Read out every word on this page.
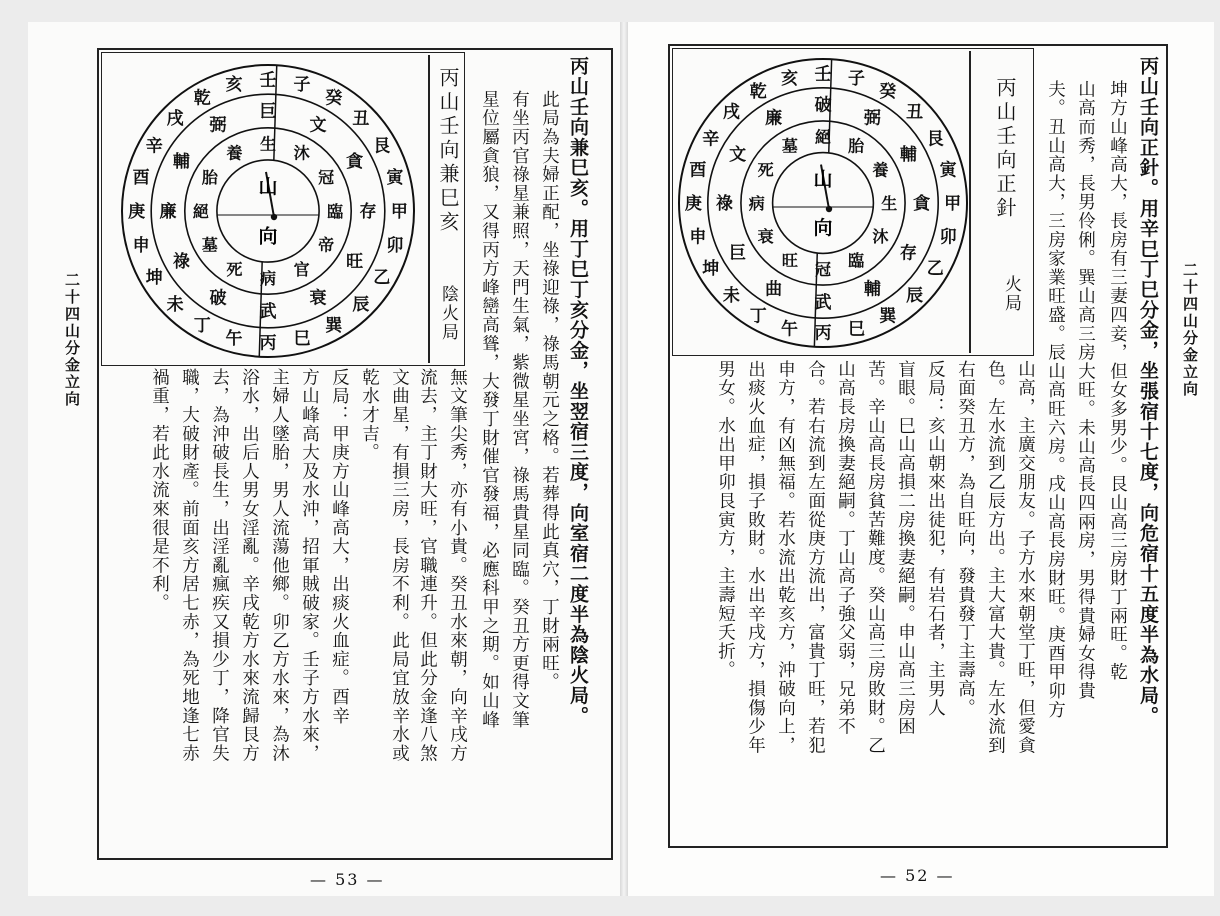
二十四山分金立向	丙
午
丁
未
坤
申
庚
酉
辛
戌
乾
亥 壬 子
癸
丑
艮
寅
甲
卯
乙
辰
巽
巳
武
破
祿
廉
輔
弼
巨
文
貪
存
旺
衰
病
死
墓
絕
胎
養 生 沐
冠
臨
帝
官
山
向
丙山壬向兼巳亥
陰火局	丙山壬向兼巳亥。用丁巳丁亥分金，坐翌宿三度，向室宿二度半為陰火局。
此局為夫婦正配，坐祿迎祿，祿馬朝元之格。若葬得此真穴，丁財兩旺。
有坐丙官祿星兼照，天門生氣，紫微星坐宮，祿馬貴星同臨。癸丑方更得文筆
星位屬貪狼，又得丙方峰巒高聳，大發丁財催官發福，必應科甲之期。如山峰
無文筆尖秀，亦有小貴。癸丑水來朝，向辛戌方
流去，主丁財大旺，官職連升。但此分金逢八煞
文曲星，有損三房，長房不利。此局宜放辛水或
乾水才吉。
反局：甲庚方山峰高大，出痰火血症。酉辛
方山峰高大及水沖，招軍賊破家。壬子方水來，
主婦人墜胎，男人流蕩他鄉。卯乙方水來，為沐
浴水，出后人男女淫亂。辛戌乾方水來流歸艮方
去，為沖破長生，出淫亂瘋疾又損少丁，降官失
職，大破財產。前面亥方居七赤，為死地逢七赤
禍重，若此水流來很是不利。
— 53 —
二十四山分金立向
丙
午
丁
未
坤
申
庚
酉
辛
戌
乾
亥 壬 子
癸
丑
艮
寅
甲
卯
乙
辰
巽
巳
武
曲
巨
祿
文
廉
破
弼
輔
貪
存
輔
冠
旺
衰
病
死
墓 絕 胎
養
生
沐
臨
山
向
丙山壬向正針
火局	丙山壬向正針。用辛巳丁巳分金，坐張宿十七度，向危宿十五度半為水局。
坤方山峰高大，長房有三妻四妾，但女多男少。艮山高三房財丁兩旺。乾
山高而秀，長男伶俐。巽山高三房大旺。未山高長四兩房，男得貴婦女得貴
夫。丑山高大，三房家業旺盛。辰山高旺六房。戌山高長房財旺。庚酉甲卯方
山高，主廣交朋友。子方水來朝堂丁旺，但愛貪
色。左水流到乙辰方出。主大富大貴。左水流到
右面癸丑方，為自旺向，發貴發丁主壽高。
反局：亥山朝來出徒犯，有岩石者，主男人
盲眼。巳山高損二房換妻絕嗣。申山高三房困
苦。辛山高長房貧苦難度。癸山高三房敗財。乙
山高長房換妻絕嗣。丁山高子強父弱，兄弟不
合。若右流到左面從庚方流出，富貴丁旺，若犯
申方，有凶無福。若水流出乾亥方，沖破向上，
出痰火血症，損子敗財。水出辛戌方，損傷少年
男女。水出甲卯艮寅方，主壽短夭折。
— 52 —
